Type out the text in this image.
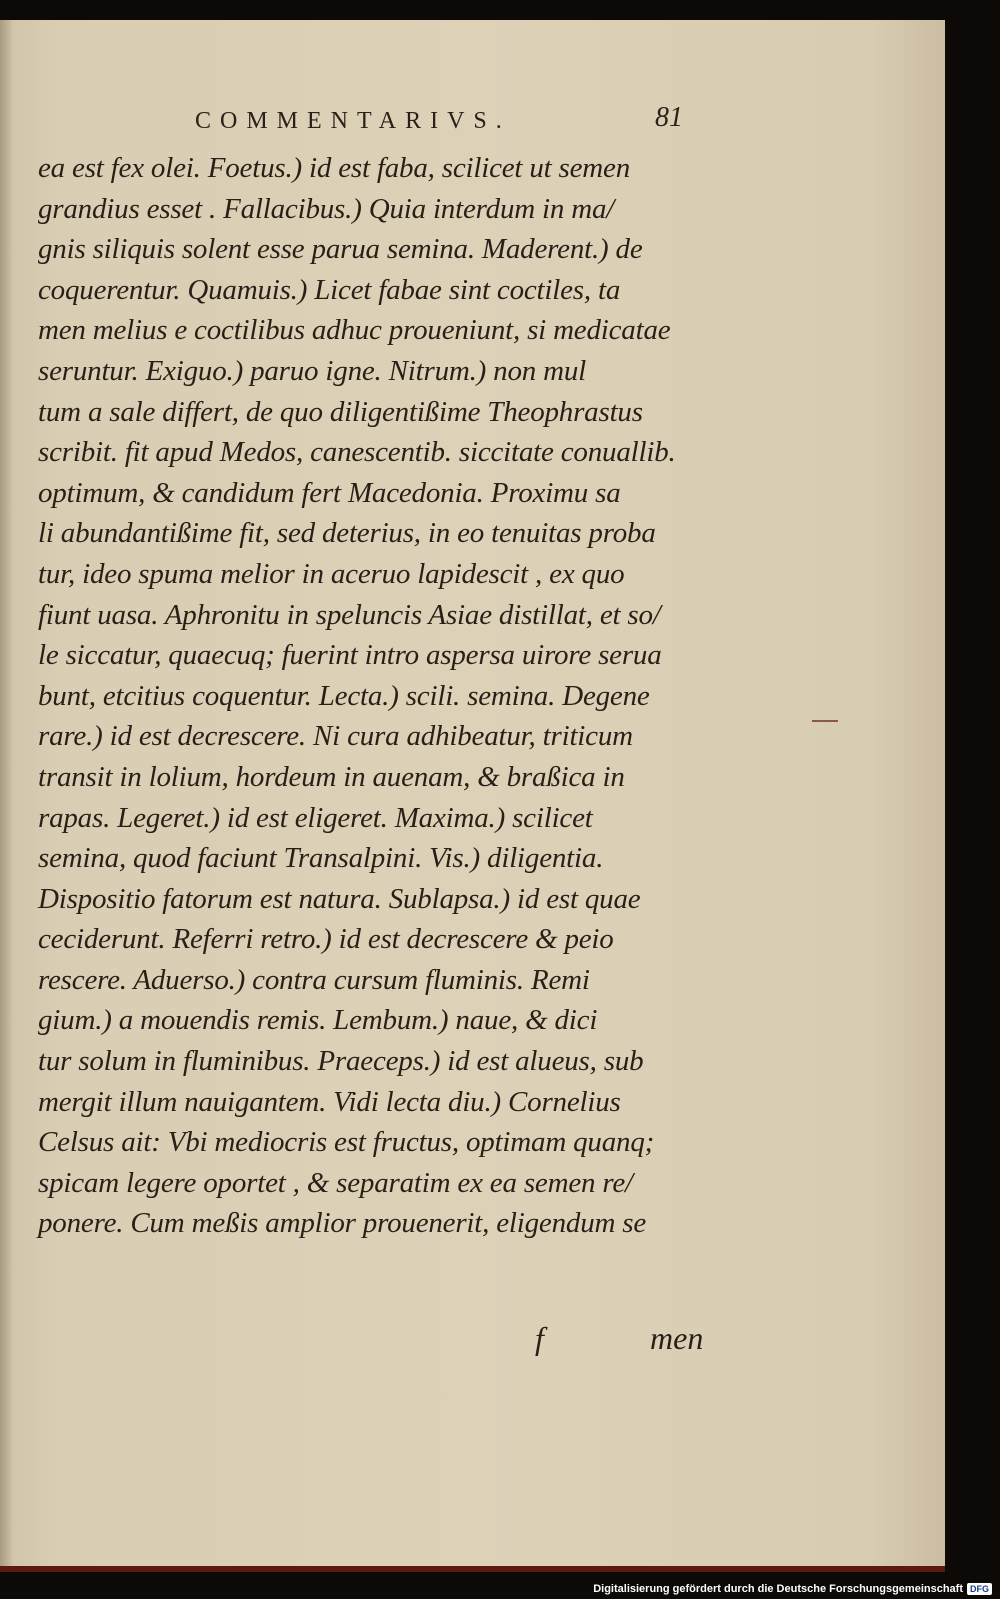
COMMENTARIVS.	81
ea est fex olei. Foetus.) id est faba, scilicet ut semen
grandius esset . Fallacibus.) Quia interdum in ma/
gnis siliquis solent esse parua semina. Maderent.) de
coquerentur. Quamuis.) Licet fabae sint coctiles, ta
men melius e coctilibus adhuc proueniunt, si medicatae
seruntur. Exiguo.) paruo igne. Nitrum.) non mul
tum a sale differt, de quo diligentißime Theophrastus
scribit. fit apud Medos, canescentib. siccitate conuallib.
optimum, & candidum fert Macedonia. Proximu sa
li abundantißime fit, sed deterius, in eo tenuitas proba
tur, ideo spuma melior in aceruo lapidescit , ex quo
fiunt uasa. Aphronitu in speluncis Asiae distillat, et so/
le siccatur, quaecuq; fuerint intro aspersa uirore serua
bunt, etcitius coquentur. Lecta.) scili. semina. Degene
rare.) id est decrescere. Ni cura adhibeatur, triticum
transit in lolium, hordeum in auenam, & braßica in
rapas. Legeret.) id est eligeret. Maxima.) scilicet
semina, quod faciunt Transalpini. Vis.) diligentia.
Dispositio fatorum est natura. Sublapsa.) id est quae
ceciderunt. Referri retro.) id est decrescere & peio
rescere. Aduerso.) contra cursum fluminis. Remi
gium.) a mouendis remis. Lembum.) naue, & dici
tur solum in fluminibus. Praeceps.) id est alueus, sub
mergit illum nauigantem. Vidi lecta diu.) Cornelius
Celsus ait: Vbi mediocris est fructus, optimam quanq;
spicam legere oportet , & separatim ex ea semen re/
ponere. Cum meßis amplior prouenerit, eligendum se
f	men
Digitalisierung gefördert durch die Deutsche Forschungsgemeinschaft DFG
